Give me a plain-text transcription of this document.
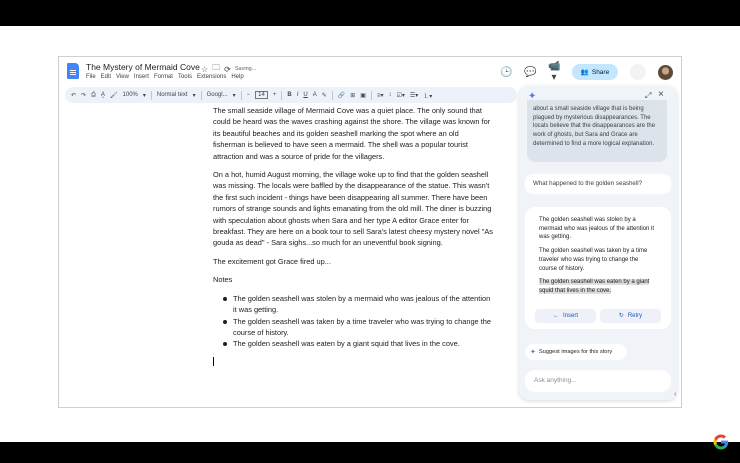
The Mystery of Mermaid Cove ☆ 🗀 ⟳ Saving...
File Edit View Insert Format Tools Extensions Help	🕒 💬 📹▾	👥 Share
↶ ↷ ⎙ A͓ 🖌 100% ▾ Normal text ▾ Googl... ▾ −	14	+ B I U A ✎ 🔗 ⊞ ▣ ≡▾ ↕ ☑▾ ☰▾ ⒈▾

The small seaside village of Mermaid Cove was a quiet place. The only sound that could be heard was the waves crashing against the shore. The village was known for its beautiful beaches and its golden seashell marking the spot where an old fisherman is believed to have seen a mermaid. The shell was a popular tourist attraction and was a source of pride for the villagers.

On a hot, humid August morning, the village woke up to find that the golden seashell was missing. The locals were baffled by the disappearance of the statue. This wasn't the first such incident - things have been disappearing all summer. There have been rumors of strange sounds and lights emanating from the old mill. The diner is buzzing with speculation about ghosts when Sara and her type A editor Grace enter for breakfast. They are here on a book tour to sell Sara's latest cheesy mystery novel "As gouda as dead" - Sara sighs...so much for an uneventful book signing.

The excitement got Grace fired up...

Notes

The golden seashell was stolen by a mermaid who was jealous of the attention it was getting.
The golden seashell was taken by a time traveler who was trying to change the course of history.
The golden seashell was eaten by a giant squid that lives in the cove.
about a small seaside village that is being plagued by mysterious disappearances. The locals believe that the disappearances are the work of ghosts, but Sara and Grace are determined to find a more logical explanation.
✦	⤢ ×
What happened to the golden seashell?
The golden seashell was stolen by a mermaid who was jealous of the attention it was getting.
The golden seashell was taken by a time traveler who was trying to change the course of history.
The golden seashell was eaten by a giant squid that lives in the cove.
← Insert	↻ Retry
✦ Suggest images for this story
Ask anything...
‹
